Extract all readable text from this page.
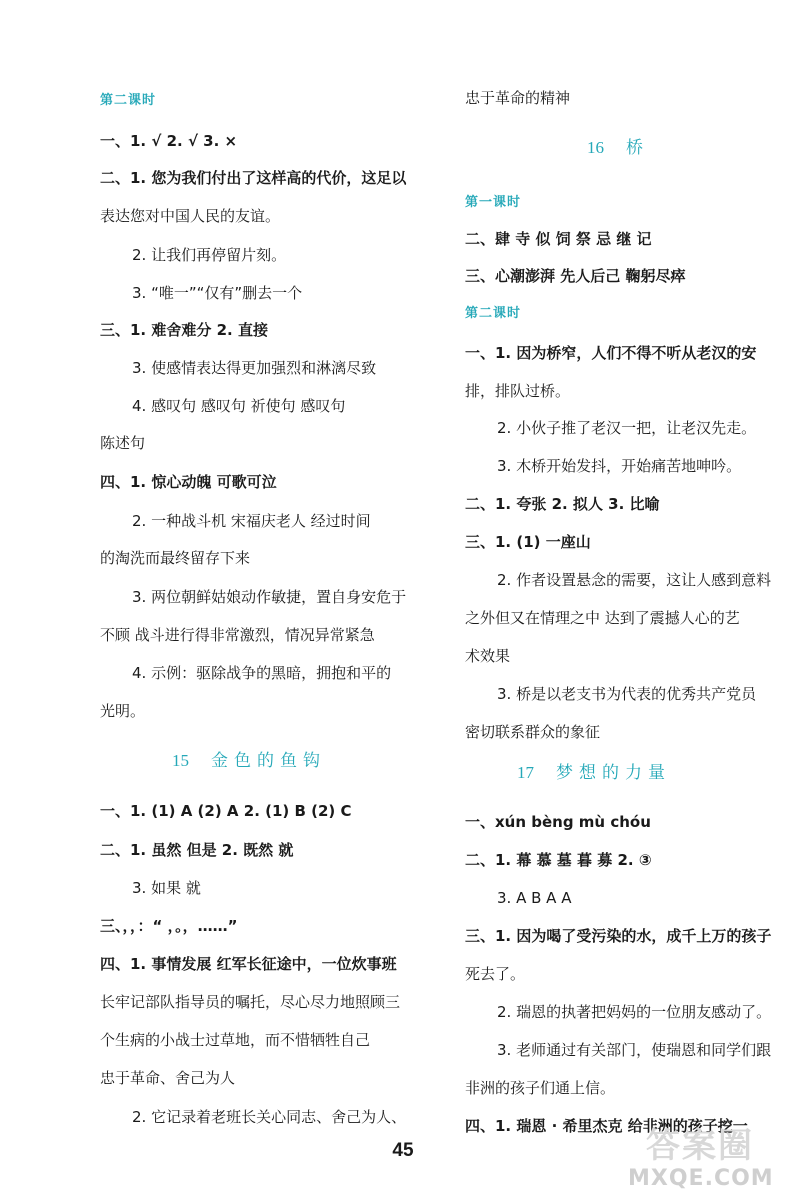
第二课时
一、1. √ 2. √ 3. ×
二、1. 您为我们付出了这样高的代价，这足以
表达您对中国人民的友谊。
2. 让我们再停留片刻。
3. “唯一”“仅有”删去一个
三、1. 难舍难分 2. 直接
3. 使感情表达得更加强烈和淋漓尽致
4. 感叹句 感叹句 祈使句 感叹句
陈述句
四、1. 惊心动魄 可歌可泣
2. 一种战斗机 宋福庆老人 经过时间
的淘洗而最终留存下来
3. 两位朝鲜姑娘动作敏捷，置自身安危于
不顾 战斗进行得非常激烈，情况异常紧急
4. 示例：驱除战争的黑暗，拥抱和平的
光明。
15 金色的鱼钩
一、1. (1) A (2) A 2. (1) B (2) C
二、1. 虽然 但是 2. 既然 就
3. 如果 就
三、，，：“ ，。，……”
四、1. 事情发展 红军长征途中，一位炊事班
长牢记部队指导员的嘱托，尽心尽力地照顾三
个生病的小战士过草地，而不惜牺牲自己
忠于革命、舍己为人
2. 它记录着老班长关心同志、舍己为人、
忠于革命的精神
16 桥
第一课时
二、肆 寺 似 饲 祭 忌 继 记
三、心潮澎湃 先人后己 鞠躬尽瘁
第二课时
一、1. 因为桥窄，人们不得不听从老汉的安
排，排队过桥。
2. 小伙子推了老汉一把，让老汉先走。
3. 木桥开始发抖，开始痛苦地呻吟。
二、1. 夸张 2. 拟人 3. 比喻
三、1. (1) 一座山
2. 作者设置悬念的需要，这让人感到意料
之外但又在情理之中 达到了震撼人心的艺
术效果
3. 桥是以老支书为代表的优秀共产党员
密切联系群众的象征
17 梦想的力量
一、xún bèng mù chóu
二、1. 幕 慕 墓 暮 募 2. ③
3. A B A A
三、1. 因为喝了受污染的水，成千上万的孩子
死去了。
2. 瑞恩的执著把妈妈的一位朋友感动了。
3. 老师通过有关部门，使瑞恩和同学们跟
非洲的孩子们通上信。
四、1. 瑞恩 · 希里杰克 给非洲的孩子挖一
45	答案圈
MXQE.COM
